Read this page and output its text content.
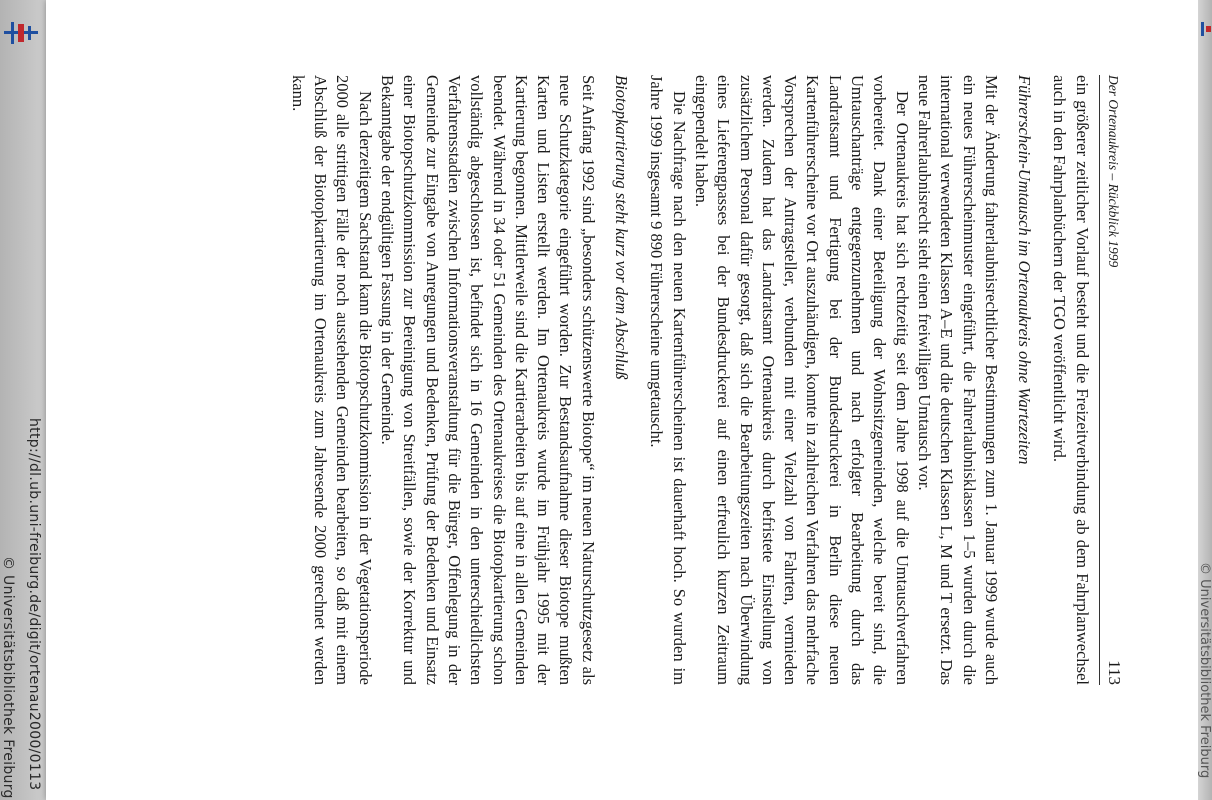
Der Ortenaukreis – Rückblick 1999
113

ein größerer zeitlicher Vorlauf besteht und die Freizeitverbindung ab dem Fahrplanwechsel auch in den Fahrplanbüchern der TGO veröffentlicht wird.

Führerschein-Umtausch im Ortenaukreis ohne Wartezeiten

Mit der Änderung fahrerlaubnisrechtlicher Bestimmungen zum 1. Januar 1999 wurde auch ein neues Führerscheinmuster eingeführt, die Fahrerlaubnisklassen 1–5 wurden durch die international verwendeten Klassen A–E und die deutschen Klassen L, M und T ersetzt. Das neue Fahrerlaubnisrecht sieht einen freiwilligen Umtausch vor.

Der Ortenaukreis hat sich rechtzeitig seit dem Jahre 1998 auf die Umtauschverfahren vorbereitet. Dank einer Beteiligung der Wohnsitzgemeinden, welche bereit sind, die Umtauschanträge entgegenzunehmen und nach erfolgter Bearbeitung durch das Landratsamt und Fertigung bei der Bundesdruckerei in Berlin diese neuen Kartenführerscheine vor Ort auszuhändigen, konnte in zahlreichen Verfahren das mehrfache Vorsprechen der Antragsteller, verbunden mit einer Vielzahl von Fahrten, vermieden werden. Zudem hat das Landratsamt Ortenaukreis durch befristete Einstellung von zusätzlichem Personal dafür gesorgt, daß sich die Bearbeitungszeiten nach Überwindung eines Lieferengpasses bei der Bundesdruckerei auf einen erfreulich kurzen Zeitraum eingependelt haben.

Die Nachfrage nach den neuen Kartenführerscheinen ist dauerhaft hoch. So wurden im Jahre 1999 insgesamt 9 890 Führerscheine umgetauscht.

Biotopkartierung steht kurz vor dem Abschluß

Seit Anfang 1992 sind „besonders schützenswerte Biotope“ im neuen Naturschutzgesetz als neue Schutzkategorie eingeführt worden. Zur Bestandsaufnahme dieser Biotope mußten Karten und Listen erstellt werden. Im Ortenaukreis wurde im Frühjahr 1995 mit der Kartierung begonnen. Mittlerweile sind die Kartierarbeiten bis auf eine in allen Gemeinden beendet. Während in 34 oder 51 Gemeinden des Ortenaukreises die Biotopkartierung schon vollständig abgeschlossen ist, befindet sich in 16 Gemeinden in den unterschiedlichsten Verfahrensstadien zwischen Informationsveranstaltung für die Bürger, Offenlegung in der Gemeinde zur Eingabe von Anregungen und Bedenken, Prüfung der Bedenken und Einsatz einer Biotopschutzkommission zur Bereinigung von Streitfällen, sowie der Korrektur und Bekanntgabe der endgültigen Fassung in der Gemeinde.

Nach derzeitigem Sachstand kann die Biotopschutzkommission in der Vegetationsperiode 2000 alle strittigen Fälle der noch ausstehenden Gemeinden bearbeiten, so daß mit einem Abschluß der Biotopkartierung im Ortenaukreis zum Jahresende 2000 gerechnet werden kann.

http://dl.ub.uni-freiburg.de/digit/ortenau2000/0113
© Universitätsbibliothek Freiburg	© Universitätsbibliothek Freiburg
